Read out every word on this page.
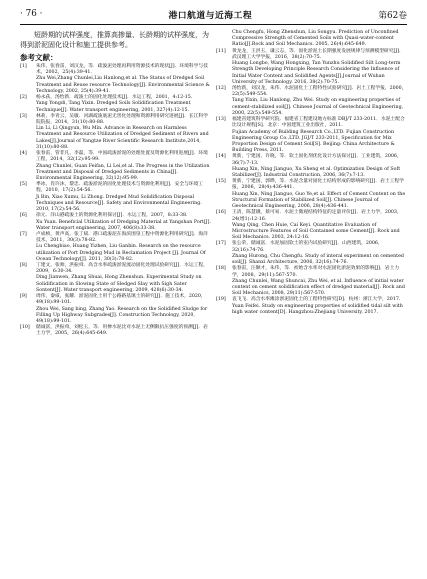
· 76 ·	港口航道与近海工程	第62卷
短龄期的试样强度，推算高掺量、长龄期的试样强度，为得到淤泥固化设计和施工提供参考。
参考文献：
[1]	朱伟，张春雷，刘汉龙，等．疏浚泥处理再利用资源技术的现状[J]．环境科学与技术，2002，25(4):39-41.
Zhu Wei,Zhang Chunlei,Liu Hanlong,et al. The Status of Dredged Soil Treatment and Reuse resource Technology[J]. Environmental Science & Technology, 2002, 25(4):39-41.
[2]	杨永荻，汤怡新．疏浚土的固化处理技术[J]．水运工程，2001，4:12-15.
Yang Yongdi, Tang Yixin. Dredged Soils Solidification Treatment Technique[J]. Water transport engineering, 2001, 327(4):12-15.
[3]	林莉，李青云，吴敏．河湖疏浚底泥无害化处理和资源利用研究进展[J]．长江科学院院报，2014，31(10):80-88.
Lin Li, Li Qingyun, Wu Min. Advance in Research on Harmless Treatment and Resource Utilization of Dredged Sediment of Rivers and Lakes[J].Journal of Yangtze River Scientific Research Institute,2014, 31(10):80-88.
[4]	张春雷，管非凡，李磊，等．中国疏浚淤泥的处理处置及资源化利用进展[J]．环境工程，2014，32(12):95-99.
Zhang Chunlei, Guan Feifan, Li Lei,et al. The Progress in the Utilization Treatment and Disposal of Dredged Sediments in China[J]. Environmental Engineering, 32(12):95-99.
[5]	季冰，肖许沐，黎忠．疏浚淤泥的固化处理技术与资源化利用[J]．安全与环境工程，2010，17(2):54-56.
Ji Bin, Xiao Xumu, Li Zhong. Dredged Mud Solidification Disposal Techniques and Resource[J]. Safety and Environmental Engineering. 2010, 17(2):54-56.
[6]	徐元．洋山港疏浚土的资源化利用探讨[J]．水运工程，2007，8:33-38.
Xu Yuan. Beneficial Utilization of Dredging Material at Yangshan Port[J]. Water transport engineering, 2007, 406(8):33-38.
[7]	卢成桢，黄声高，张丁斌．港口疏浚泥在海滨围垦工程中资源化利用研究[J]．海洋技术，2011，30(3):78-82.
Lu Chengbiao, Huang Yizhen, Liu Ganbin. Research on the resource utilization of Port Dredging Mud in Reclamation Project [J]. Journal Of Ocean Technology[J]. 2011, 30(3):78-82.
[8]	丁建文，张帅，洪振舜．高含水率疏浚淤泥流动固化处理试验研究[J]．水运工程，2009，6:30-34.
Ding Jianwen, Zhang Shuai, Hong Zhenshun. Experimental Study on Solidification in Slowing State of Sledged Slay with Sigh Sater Sontent[J]. Water transport engineering, 2009, 428(6):30-34.
[9]	周伟，秦威，张耀．淤泥固化土用于公路路基填土的研究[J]．施工技术，2020，49(18):99-101.
Zhou Wei, Sang bing, Zhang Yao. Research on the Solidified Sludge for Filling Up Highway Subgrades[J]. Construction Technology, 2020, 49(18):99-101.
[10]	储诚富，洪振舜，刘松玉，等．用掺水泥比对水泥土无侧限抗压强度的预测[J]．岩土力学，2005，26(4):645-649.
Chu Chengfu, Hong Zhenshun, Liu Songyu. Prediction of Unconfined Compressive Strength of Cemented Soils with Quasi-water-content Ratio[J].Rock and Soil Mechanics. 2005, 26(4):645-649.
[11]	黄龙龙，王洪玉，谦云志，等．固化淤泥土长期强度发展规律与预测模型研究[J]．武汉理工大学学报，2016，38(2):70-75.
Huang Longbo, Wang Hongxing, Tan Yunzhu Solidified Silt Long-term Strength Developing Principle Research Considering the Influence of Initial Water Content and Solidified Agents[J].Journal of Wuhan University of Technology. 2016, 38(2):70-75.
[12]	汤怡新，刘汉龙，朱伟．水泥固化土工程特性试验研究[J]．岩土工程学报，2000，22(5):549-554.
Tang Yixin, Liu Hanlong, Zhu Wei. Study on engineering properties of cement-stabilized soil[J]. Chinese Journal of Geotechnical Engineering, 2000, 22(5):549-554.
[13]	福建省建筑科学研究院．福建省工程建设地方标准 DBJ/T 233-2011．水泥土配合比设计规程[S]．北京：中国建筑工业出版社，2011.
Fujian Academy of Building Research Co.,LTD. Fujian Construction Engineering Group Co.,LTD. JGJ/T 233-2011, Specification for Mix Proportion Design of Cement Soil[S]. Beijing: China Architecture & Building Press, 2011.
[14]	黄新，宁建国，许晓，等．软土固化剂优化设计方法探讨[J]．工业建筑，2006，36(7):7-13.
Huang Xin, Ning Jianguo, Xu Sheng et al. Optimization Design of Soft Stabilizer[J]. Industrial Construction, 2006, 36(7):7-13.
[15]	黄新，宁建国，郭晔，等．水泥含量对固化土结构形成的影响研究[J]．岩土工程学报，2006，28(4):436-441.
Huang Xin, Ning Jianguo, Guo Ye,et al. Effect of Cement Content on the Structural Formation of Stabilized Soil[J]. Chinese Journal of Geotechnical Engineering, 2006, 28(4):436-441.
[16]	王清，陈慧娥，蔡可易．水泥土微观结构特征的定量评价[J]．岩土力学，2003，24(增1):12-16.
Wang Qing, Chen Huie, Cai Keyi. Quantitative Evaluation of Microstructure Features of Soil Contained some Cement[J]. Rock and Soil Mechanics. 2003, 24:12-16.
[17]	张公荣，储诚富．水泥加固软土的室内试验研究[J]．山西建筑，2006，32(16):74-76.
Zhang Hurong, Chu Chengfu. Study of interal experiment on cemented soil[J]. Shanxi Architecture, 2006, 32(16):74-76.
[18]	张春雷，汪顺才，朱伟，等．初始含水率对水泥固化淤泥效果的影响[J]．岩土力学，2008，29(11):567-570.
Zhang Chunlei, Wang Shuncai, Zhu Wei, et al. Influence of initial water content on cement solidification effect of dredged material[J]. Rock and Soil Mechanics, 2008, 29(11):567-570.
[19]	袁飞飞．高含水率滩涂淤泥固化土的工程特性研究[D]．杭州：浙江大学，2017.
Yuan Feifei. Study on engineering properties of solidified tidal silt with high water content[D]. Hangzhou:Zhejiang University, 2017.
